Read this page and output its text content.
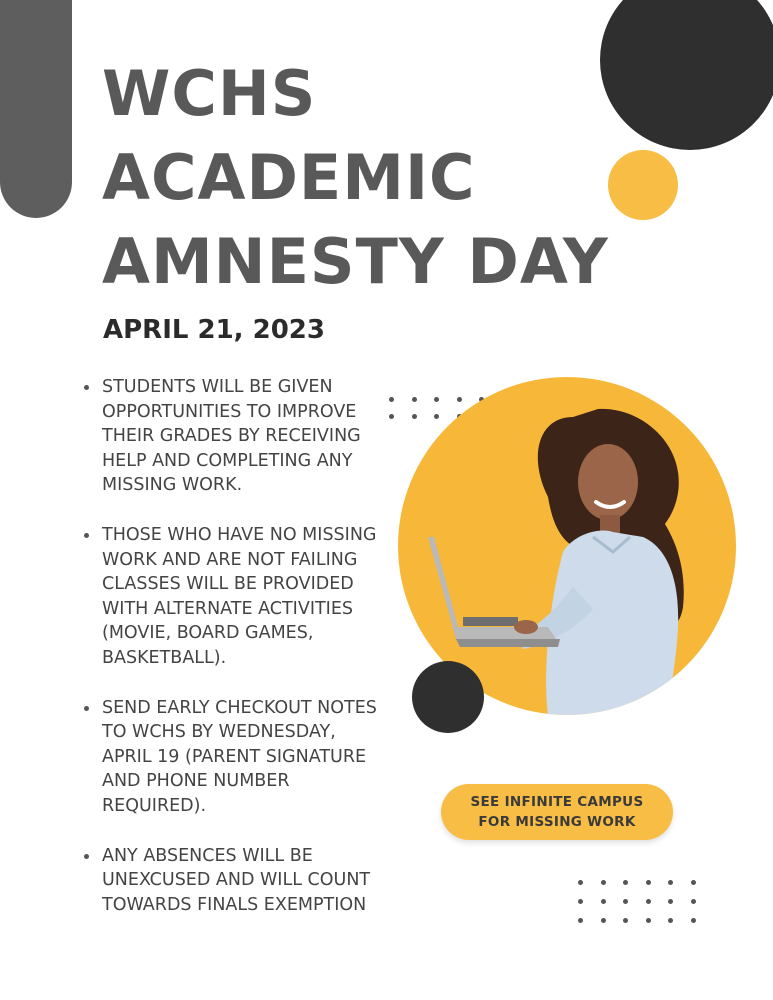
WCHS
ACADEMIC
AMNESTY DAY
APRIL 21, 2023
STUDENTS WILL BE GIVEN OPPORTUNITIES TO IMPROVE THEIR GRADES BY RECEIVING HELP AND COMPLETING ANY MISSING WORK.
THOSE WHO HAVE NO MISSING WORK AND ARE NOT FAILING CLASSES WILL BE PROVIDED WITH ALTERNATE ACTIVITIES (MOVIE, BOARD GAMES, BASKETBALL).
SEND EARLY CHECKOUT NOTES TO WCHS BY WEDNESDAY, APRIL 19 (PARENT SIGNATURE AND PHONE NUMBER REQUIRED).
ANY ABSENCES WILL BE UNEXCUSED AND WILL COUNT TOWARDS FINALS EXEMPTION
SEE INFINITE CAMPUS
FOR MISSING WORK
